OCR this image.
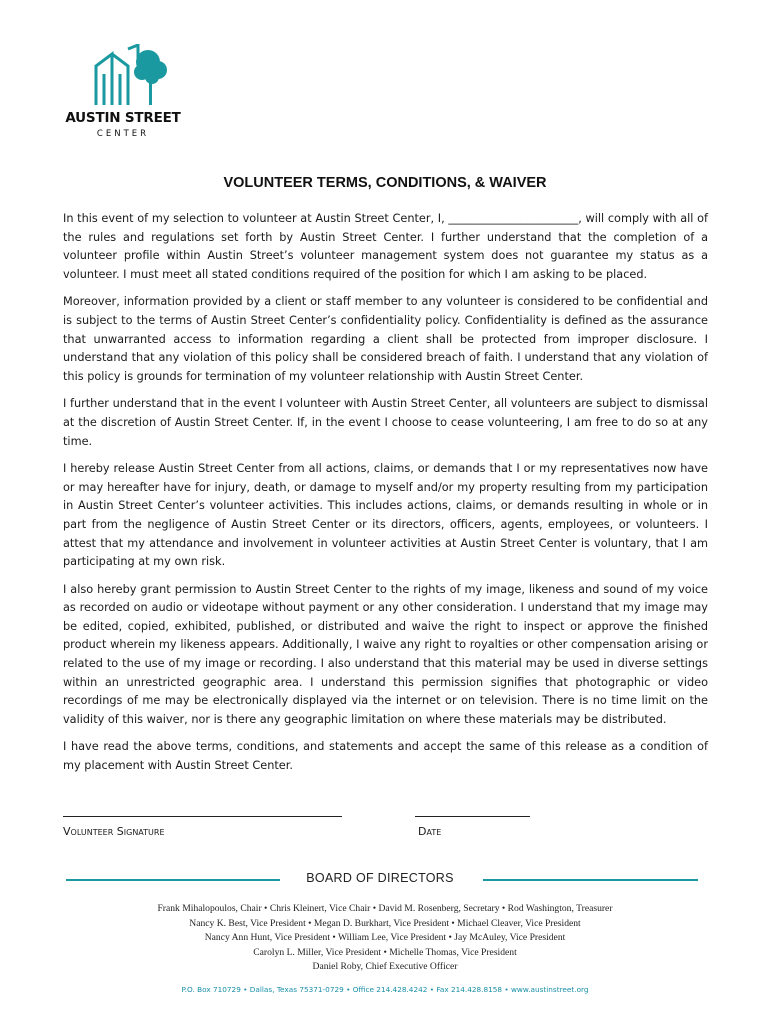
AUSTIN STREET
CENTER
VOLUNTEER TERMS, CONDITIONS, & WAIVER

In this event of my selection to volunteer at Austin Street Center, I, _______________________, will comply with all of the rules and regulations set forth by Austin Street Center. I further understand that the completion of a volunteer profile within Austin Street’s volunteer management system does not guarantee my status as a volunteer. I must meet all stated conditions required of the position for which I am asking to be placed.

Moreover, information provided by a client or staff member to any volunteer is considered to be confidential and is subject to the terms of Austin Street Center’s confidentiality policy. Confidentiality is defined as the assurance that unwarranted access to information regarding a client shall be protected from improper disclosure. I understand that any violation of this policy shall be considered breach of faith. I understand that any violation of this policy is grounds for termination of my volunteer relationship with Austin Street Center.

I further understand that in the event I volunteer with Austin Street Center, all volunteers are subject to dismissal at the discretion of Austin Street Center. If, in the event I choose to cease volunteering, I am free to do so at any time.

I hereby release Austin Street Center from all actions, claims, or demands that I or my representatives now have or may hereafter have for injury, death, or damage to myself and/or my property resulting from my participation in Austin Street Center’s volunteer activities. This includes actions, claims, or demands resulting in whole or in part from the negligence of Austin Street Center or its directors, officers, agents, employees, or volunteers. I attest that my attendance and involvement in volunteer activities at Austin Street Center is voluntary, that I am participating at my own risk.

I also hereby grant permission to Austin Street Center to the rights of my image, likeness and sound of my voice as recorded on audio or videotape without payment or any other consideration. I understand that my image may be edited, copied, exhibited, published, or distributed and waive the right to inspect or approve the finished product wherein my likeness appears. Additionally, I waive any right to royalties or other compensation arising or related to the use of my image or recording. I also understand that this material may be used in diverse settings within an unrestricted geographic area. I understand this permission signifies that photographic or video recordings of me may be electronically displayed via the internet or on television. There is no time limit on the validity of this waiver, nor is there any geographic limitation on where these materials may be distributed.

I have read the above terms, conditions, and statements and accept the same of this release as a condition of my placement with Austin Street Center.

Volunteer Signature	Date
BOARD OF DIRECTORS
Frank Mihalopoulos, Chair • Chris Kleinert, Vice Chair • David M. Rosenberg, Secretary • Rod Washington, Treasurer
Nancy K. Best, Vice President • Megan D. Burkhart, Vice President • Michael Cleaver, Vice President
Nancy Ann Hunt, Vice President • William Lee, Vice President • Jay McAuley, Vice President
Carolyn L. Miller, Vice President • Michelle Thomas, Vice President
Daniel Roby, Chief Executive Officer
P.O. Box 710729 • Dallas, Texas 75371-0729 • Office 214.428.4242 • Fax 214.428.8158 • www.austinstreet.org
